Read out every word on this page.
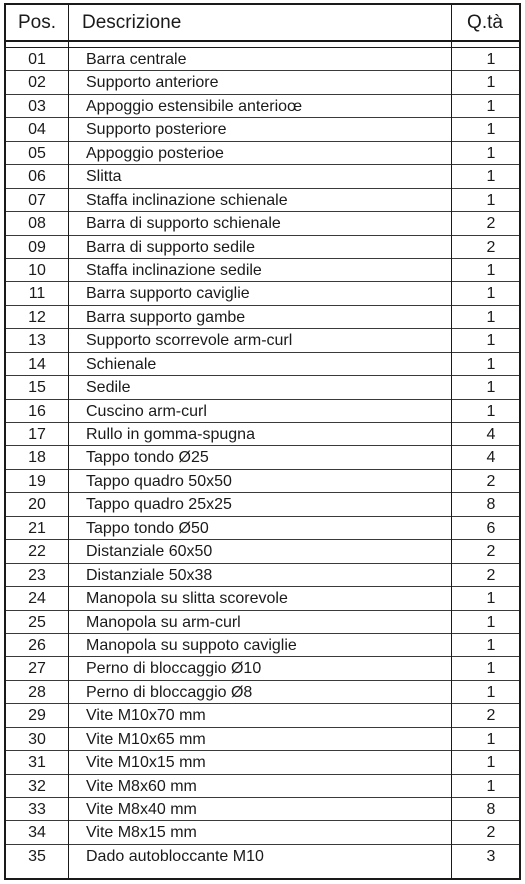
Pos.	Descrizione	Q.tà
01	Barra centrale	1
02	Supporto anteriore	1
03	Appoggio estensibile anterioœ	1
04	Supporto posteriore	1
05	Appoggio posterioe	1
06	Slitta	1
07	Staffa inclinazione schienale	1
08	Barra di supporto schienale	2
09	Barra di supporto sedile	2
10	Staffa inclinazione sedile	1
11	Barra supporto caviglie	1
12	Barra supporto gambe	1
13	Supporto scorrevole arm-curl	1
14	Schienale	1
15	Sedile	1
16	Cuscino arm-curl	1
17	Rullo in gomma-spugna	4
18	Tappo tondo Ø25	4
19	Tappo quadro 50x50	2
20	Tappo quadro 25x25	8
21	Tappo tondo Ø50	6
22	Distanziale 60x50	2
23	Distanziale 50x38	2
24	Manopola su slitta scorevole	1
25	Manopola su arm-curl	1
26	Manopola su suppoto caviglie	1
27	Perno di bloccaggio Ø10	1
28	Perno di bloccaggio Ø8	1
29	Vite M10x70 mm	2
30	Vite M10x65 mm	1
31	Vite M10x15 mm	1
32	Vite M8x60 mm	1
33	Vite M8x40 mm	8
34	Vite M8x15 mm	2
35	Dado autobloccante M10	3
